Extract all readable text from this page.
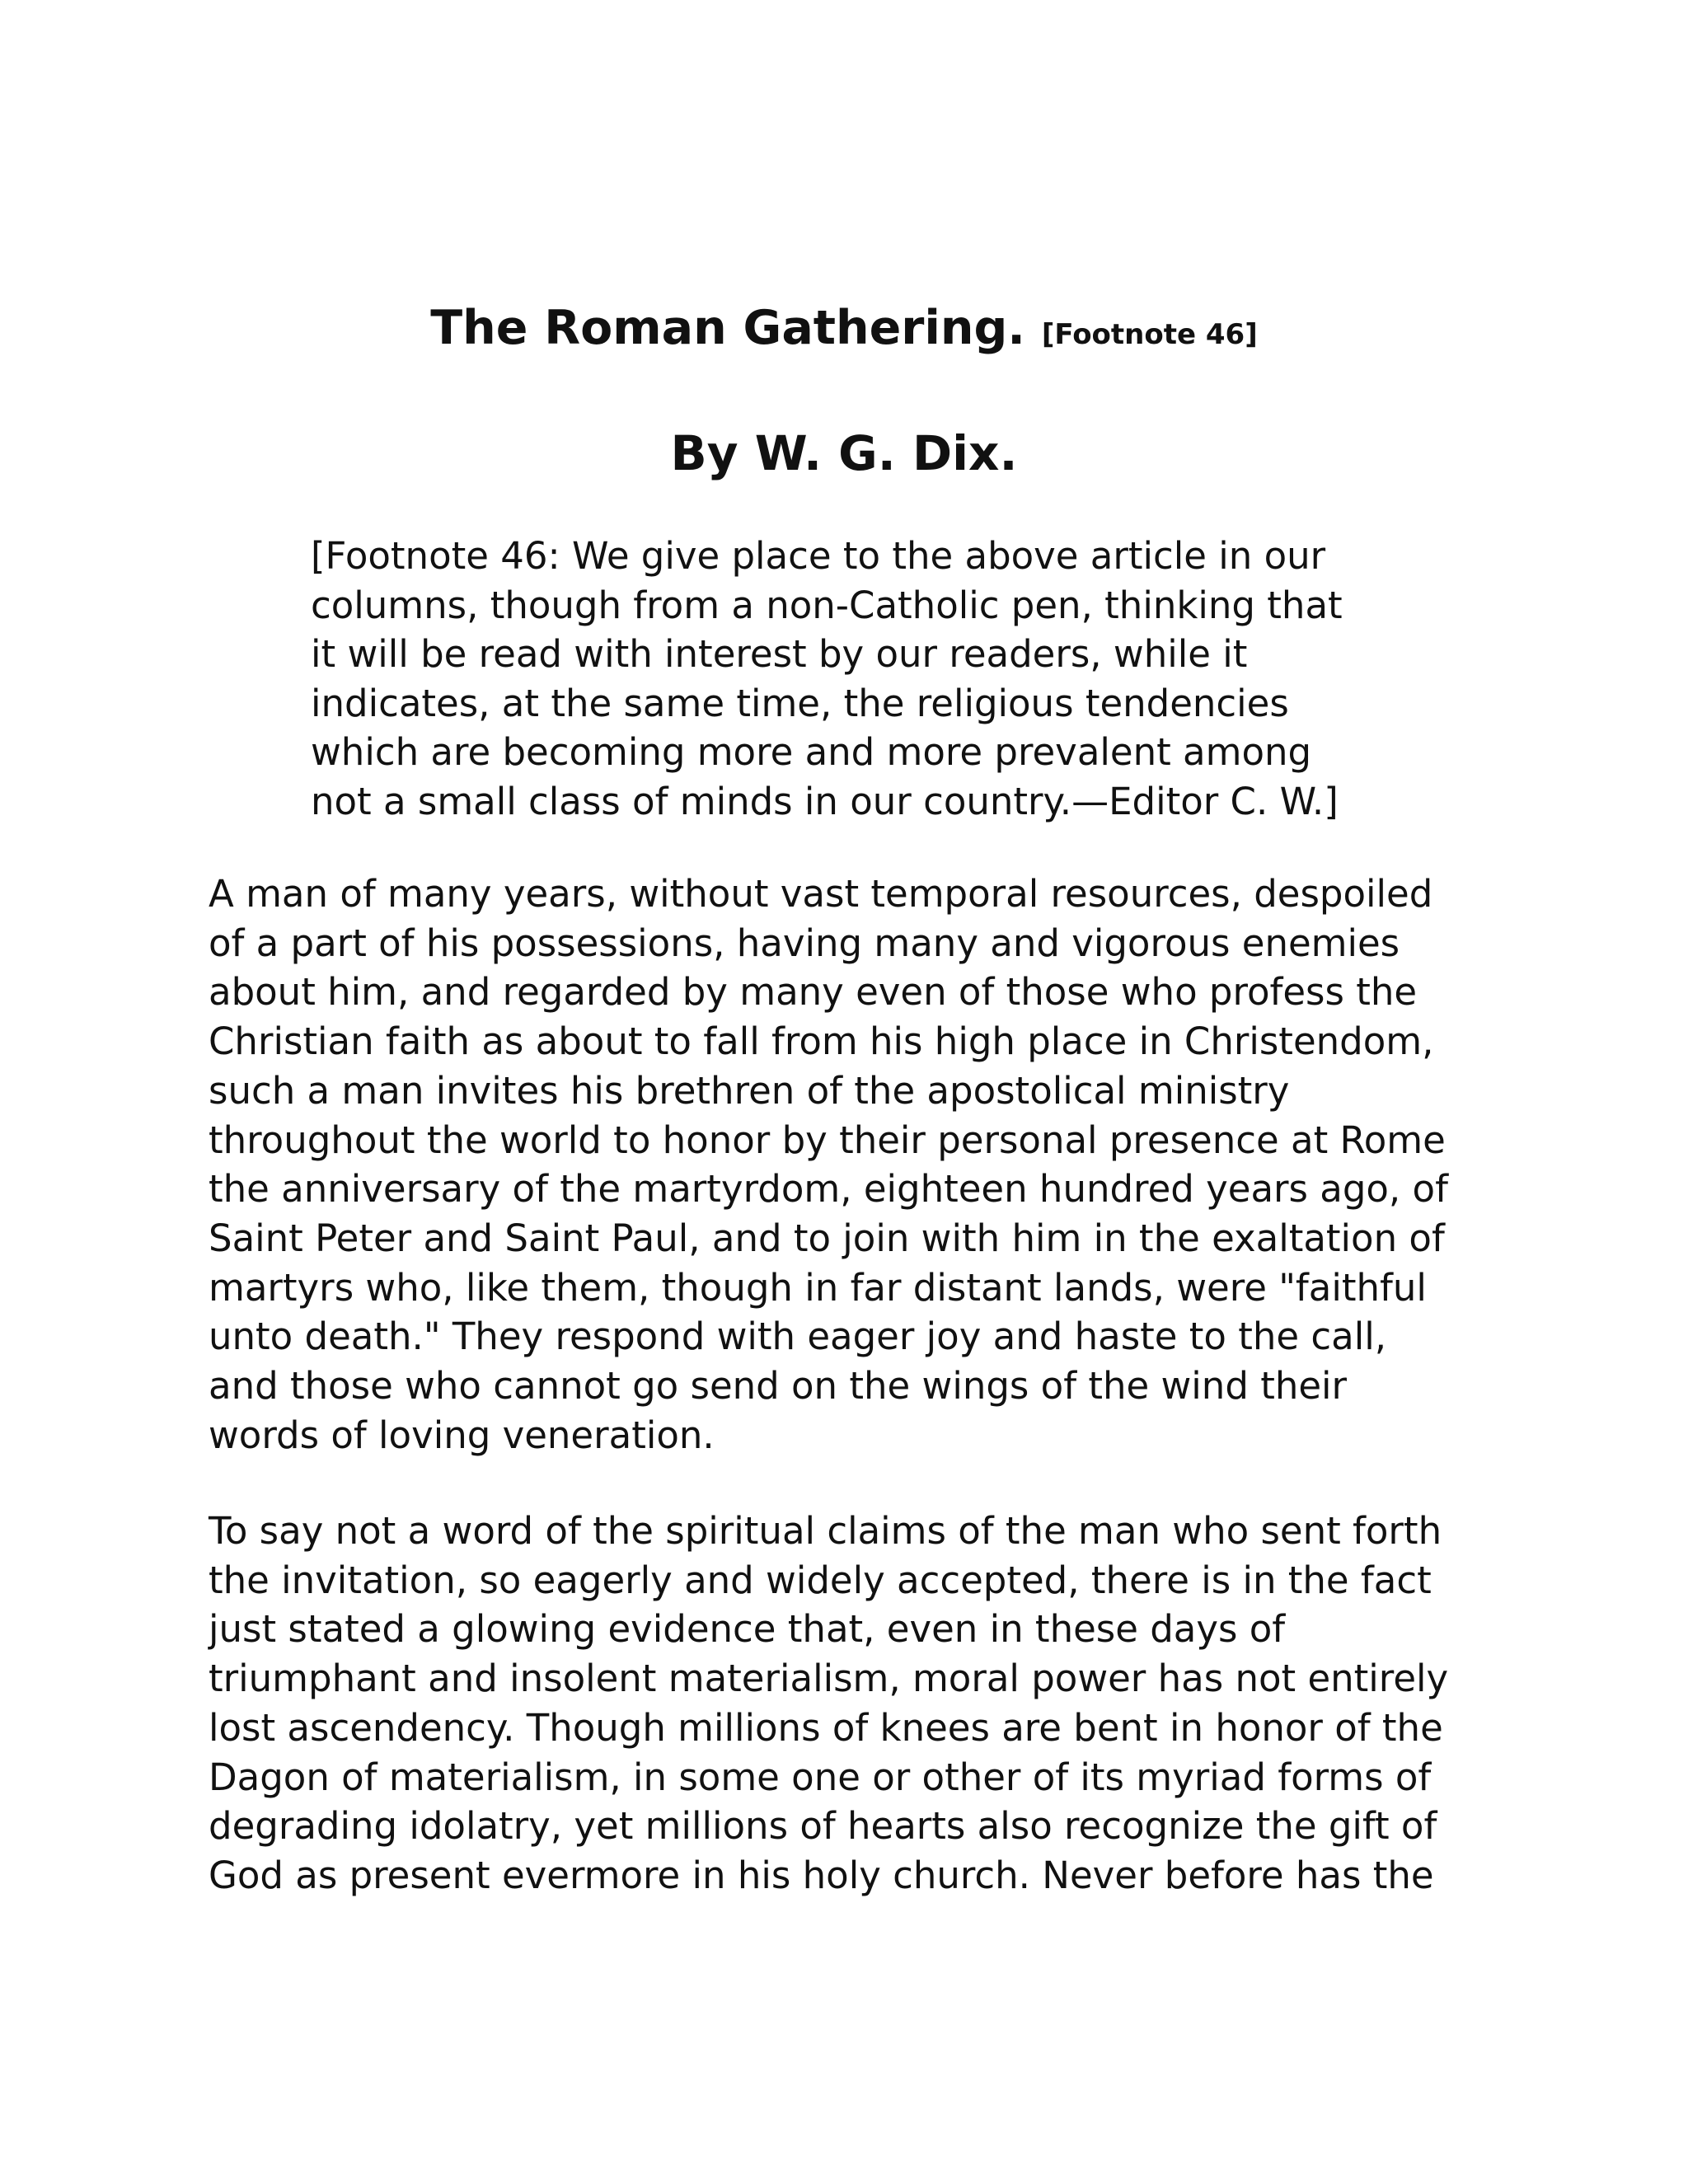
The Roman Gathering. [Footnote 46]
By W. G. Dix.
[Footnote 46: We give place to the above article in our
columns, though from a non-Catholic pen, thinking that
it will be read with interest by our readers, while it
indicates, at the same time, the religious tendencies
which are becoming more and more prevalent among
not a small class of minds in our country.—Editor C. W.]
A man of many years, without vast temporal resources, despoiled
of a part of his possessions, having many and vigorous enemies
about him, and regarded by many even of those who profess the
Christian faith as about to fall from his high place in Christendom,
such a man invites his brethren of the apostolical ministry
throughout the world to honor by their personal presence at Rome
the anniversary of the martyrdom, eighteen hundred years ago, of
Saint Peter and Saint Paul, and to join with him in the exaltation of
martyrs who, like them, though in far distant lands, were "faithful
unto death." They respond with eager joy and haste to the call,
and those who cannot go send on the wings of the wind their
words of loving veneration.
To say not a word of the spiritual claims of the man who sent forth
the invitation, so eagerly and widely accepted, there is in the fact
just stated a glowing evidence that, even in these days of
triumphant and insolent materialism, moral power has not entirely
lost ascendency. Though millions of knees are bent in honor of the
Dagon of materialism, in some one or other of its myriad forms of
degrading idolatry, yet millions of hearts also recognize the gift of
God as present evermore in his holy church. Never before has the
